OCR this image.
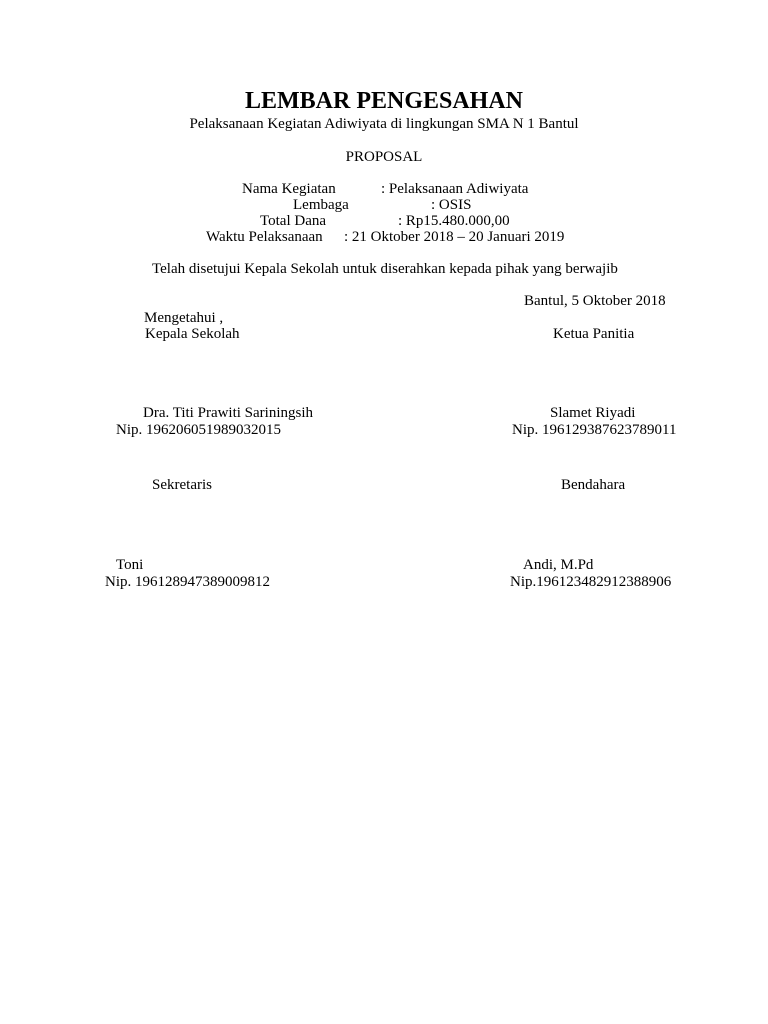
LEMBAR PENGESAHAN
Pelaksanaan Kegiatan Adiwiyata di lingkungan SMA N 1 Bantul
PROPOSAL
Nama Kegiatan	: Pelaksanaan Adiwiyata
Lembaga	: OSIS
Total Dana	: Rp15.480.000,00
Waktu Pelaksanaan : 21 Oktober 2018 – 20 Januari 2019
Telah disetujui Kepala Sekolah untuk diserahkan kepada pihak yang berwajib
Bantul, 5 Oktober 2018
Mengetahui ,
Kepala Sekolah	Ketua Panitia
Dra. Titi Prawiti Sariningsih	Slamet Riyadi
Nip. 196206051989032015	Nip. 196129387623789011
Sekretaris	Bendahara
Toni	Andi, M.Pd
Nip. 196128947389009812	Nip.196123482912388906
